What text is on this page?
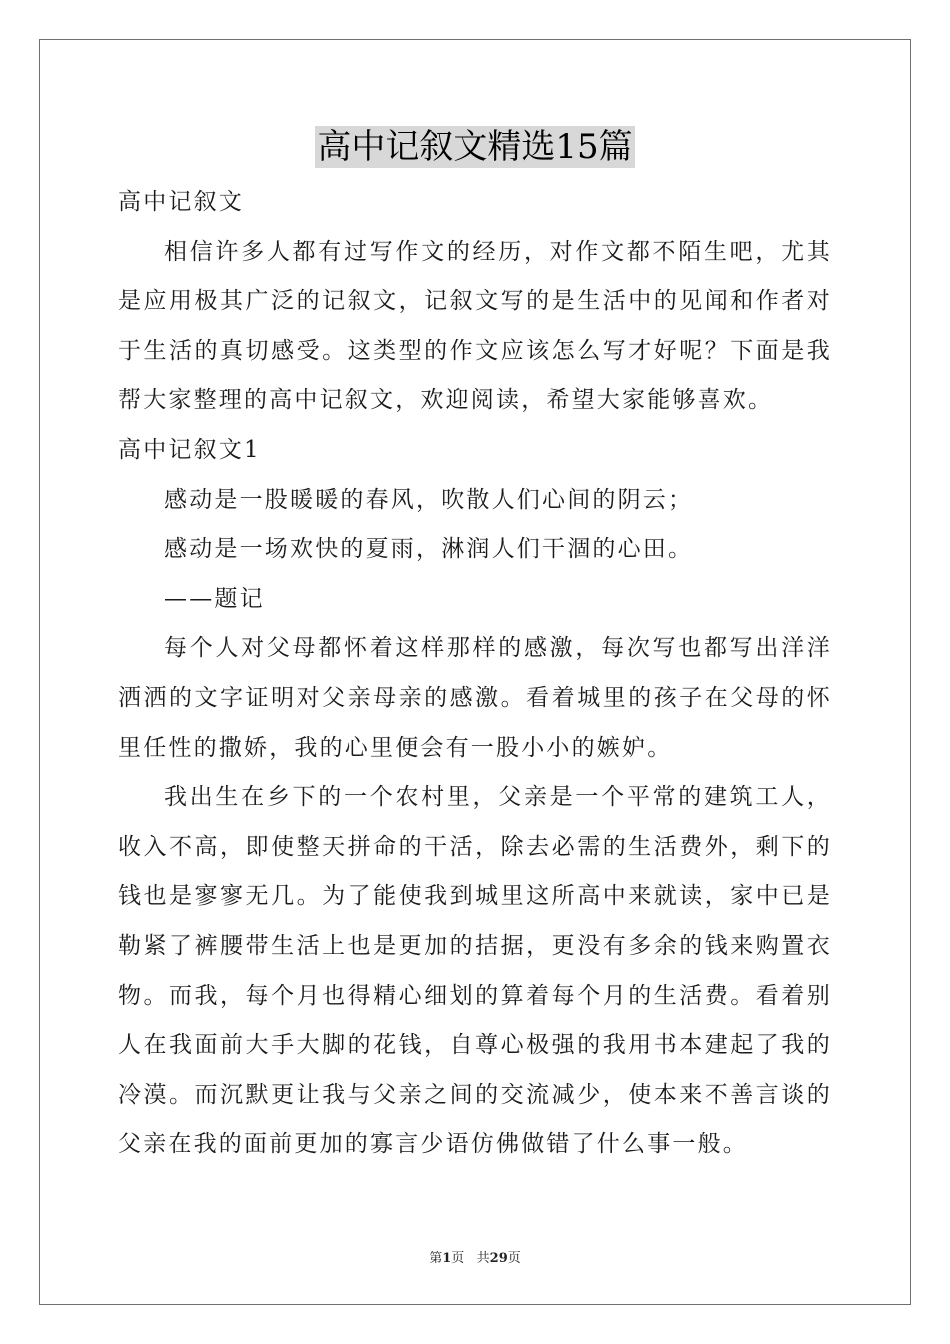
高中记叙文精选15篇

高中记叙文

相信许多人都有过写作文的经历，对作文都不陌生吧，尤其是应用极其广泛的记叙文，记叙文写的是生活中的见闻和作者对于生活的真切感受。这类型的作文应该怎么写才好呢？下面是我帮大家整理的高中记叙文，欢迎阅读，希望大家能够喜欢。

高中记叙文1

感动是一股暖暖的春风，吹散人们心间的阴云；

感动是一场欢快的夏雨，淋润人们干涸的心田。

——题记

每个人对父母都怀着这样那样的感激，每次写也都写出洋洋洒洒的文字证明对父亲母亲的感激。看着城里的孩子在父母的怀里任性的撒娇，我的心里便会有一股小小的嫉妒。

我出生在乡下的一个农村里，父亲是一个平常的建筑工人，收入不高，即使整天拼命的干活，除去必需的生活费外，剩下的钱也是寥寥无几。为了能使我到城里这所高中来就读，家中已是勒紧了裤腰带生活上也是更加的拮据，更没有多余的钱来购置衣物。而我，每个月也得精心细划的算着每个月的生活费。看着别人在我面前大手大脚的花钱，自尊心极强的我用书本建起了我的冷漠。而沉默更让我与父亲之间的交流减少，使本来不善言谈的父亲在我的面前更加的寡言少语仿佛做错了什么事一般。

第1页   共29页
